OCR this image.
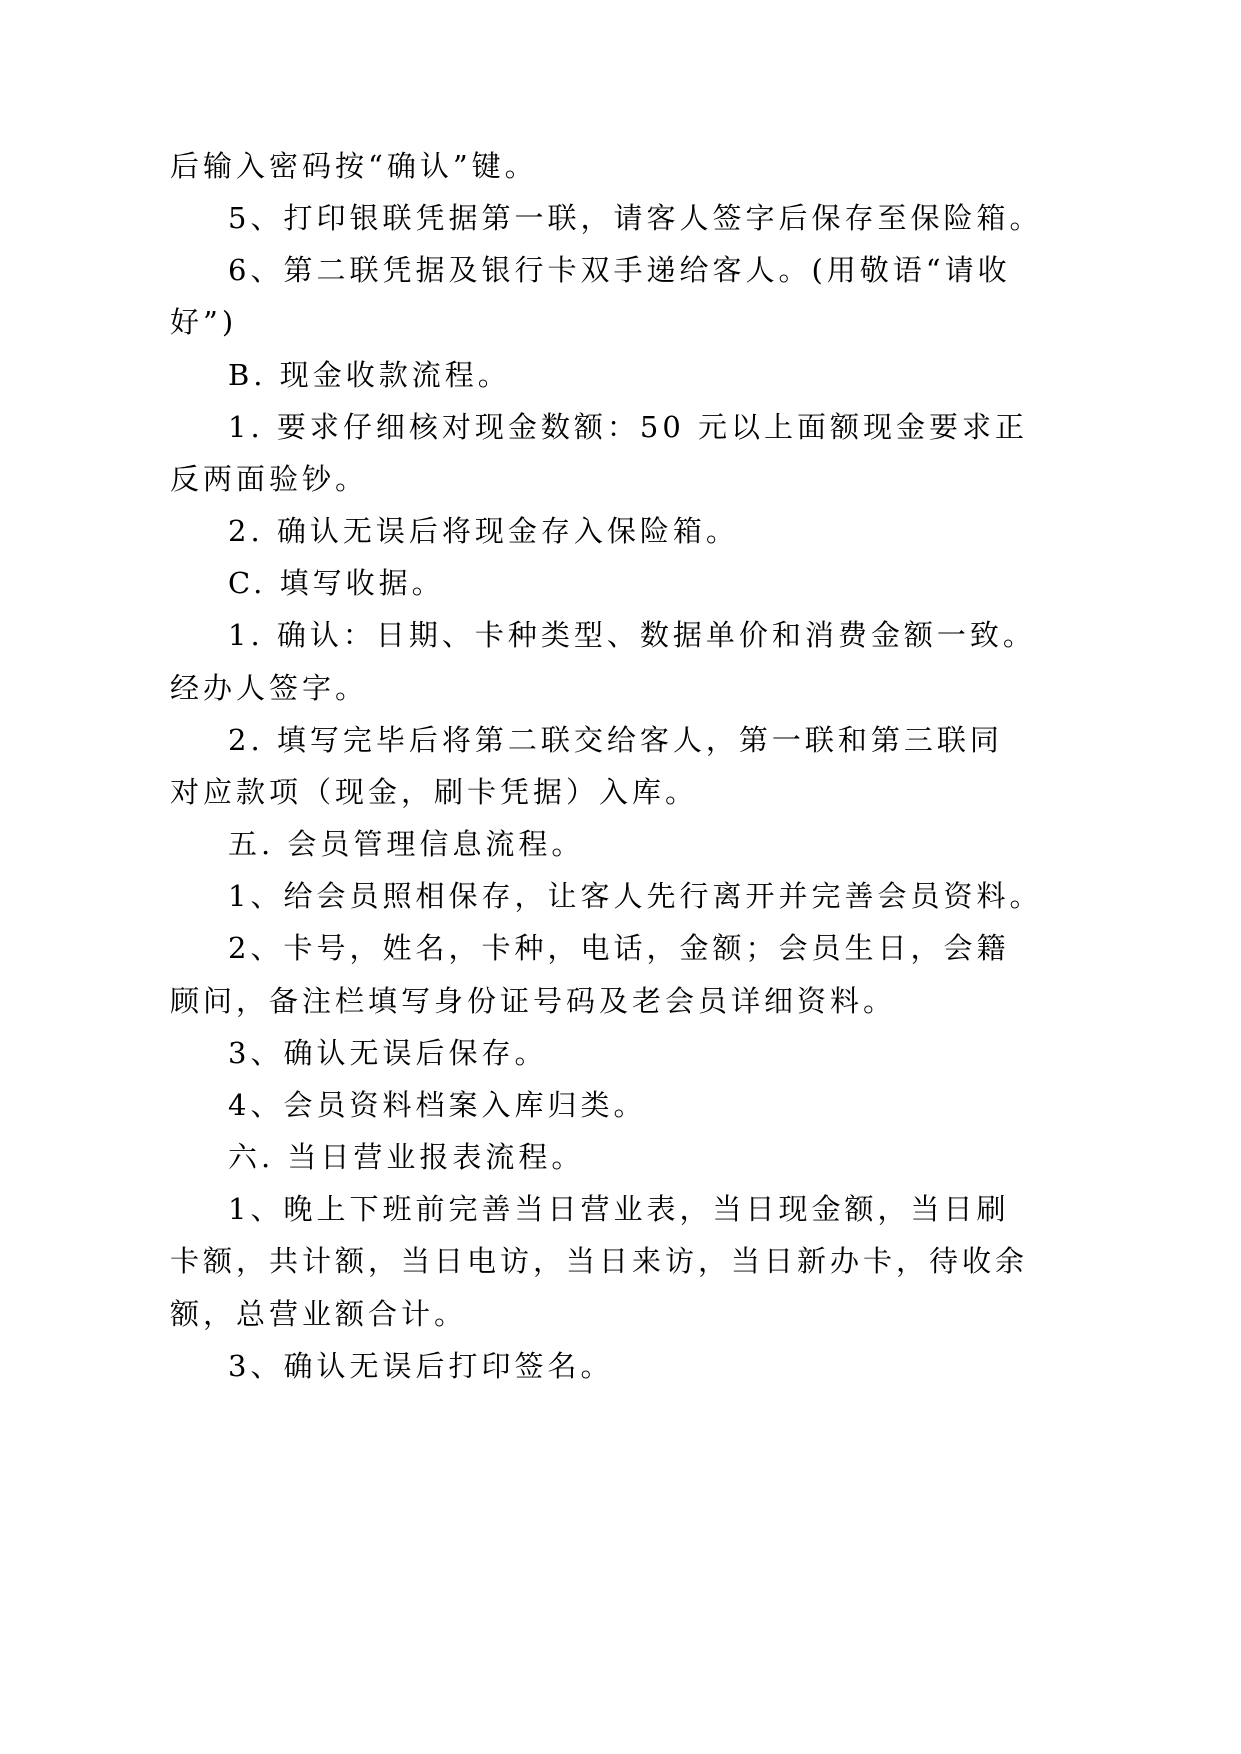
后输入密码按“确认”键。
5、打印银联凭据第一联，请客人签字后保存至保险箱。
6、第二联凭据及银行卡双手递给客人。(用敬语“请收
好”)
B. 现金收款流程。
1. 要求仔细核对现金数额：50 元以上面额现金要求正
反两面验钞。
2. 确认无误后将现金存入保险箱。
C. 填写收据。
1. 确认：日期、卡种类型、数据单价和消费金额一致。
经办人签字。
2. 填写完毕后将第二联交给客人，第一联和第三联同
对应款项（现金，刷卡凭据）入库。
五. 会员管理信息流程。
1、给会员照相保存，让客人先行离开并完善会员资料。
2、卡号，姓名，卡种，电话，金额；会员生日，会籍
顾问，备注栏填写身份证号码及老会员详细资料。
3、确认无误后保存。
4、会员资料档案入库归类。
六. 当日营业报表流程。
1、晚上下班前完善当日营业表，当日现金额，当日刷
卡额，共计额，当日电访，当日来访，当日新办卡，待收余
额，总营业额合计。
3、确认无误后打印签名。
